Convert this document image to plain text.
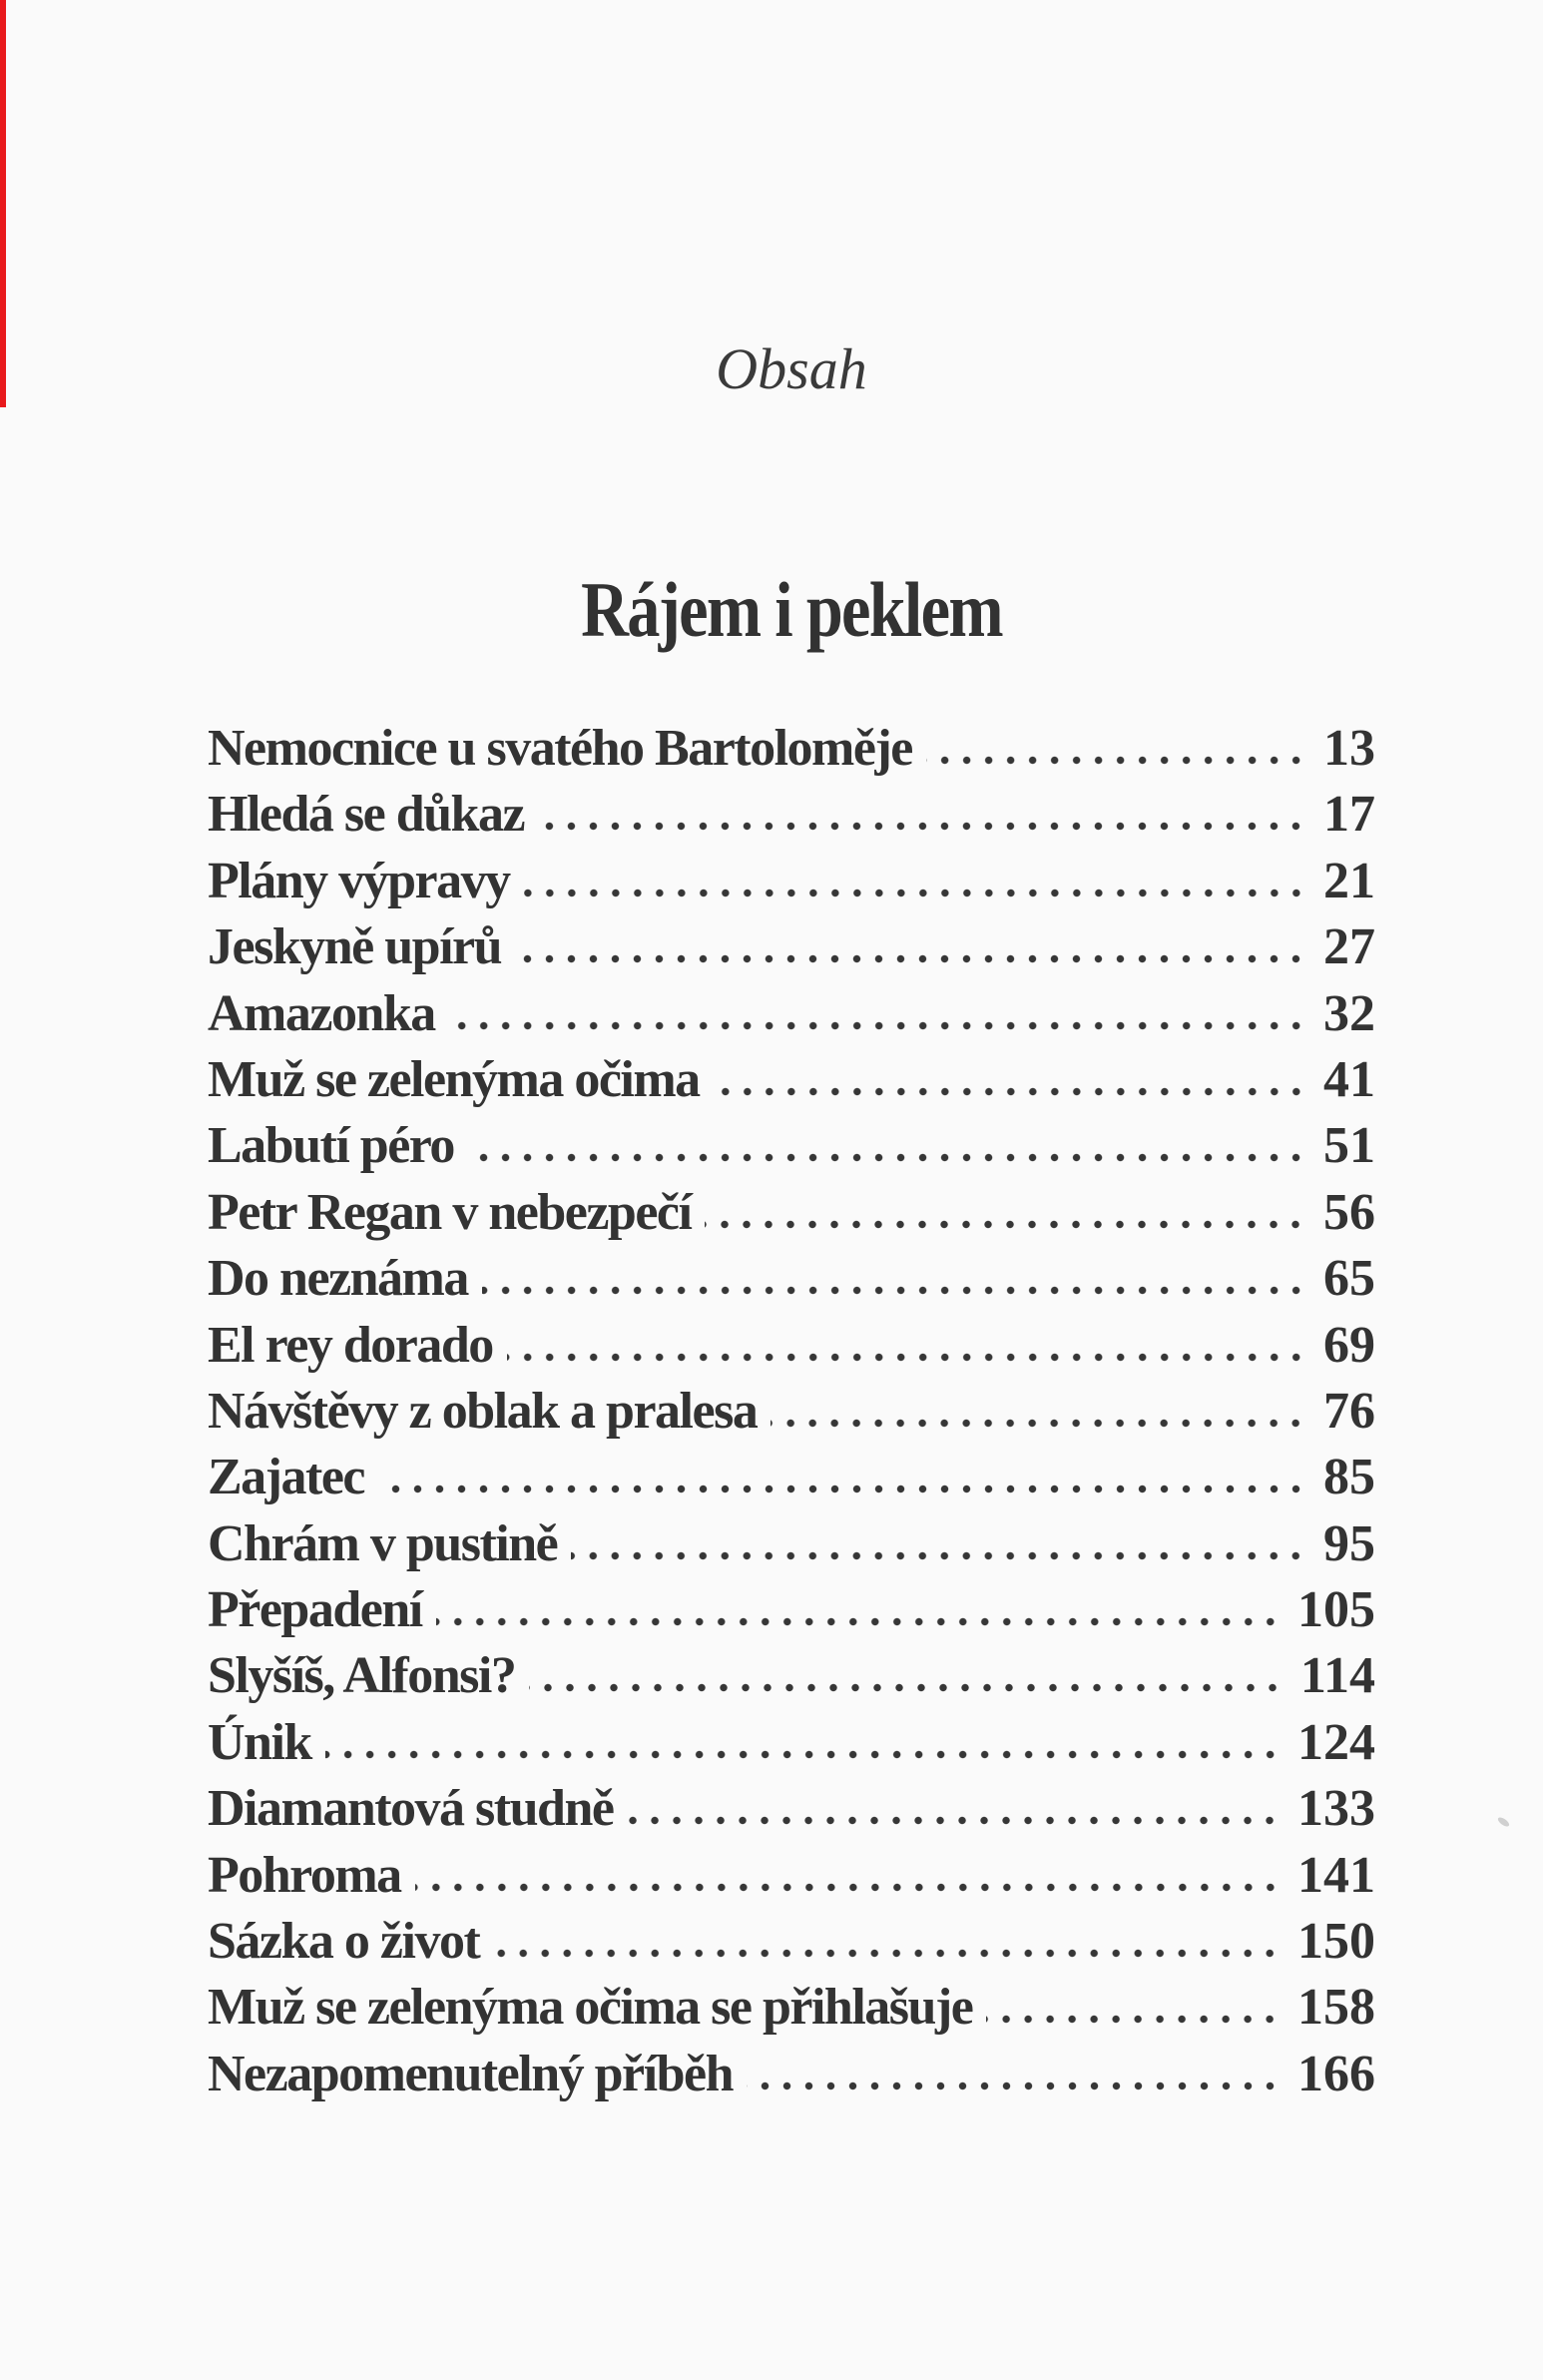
Obsah
Rájem i peklem
Nemocnice u svatého Bartoloměje	13
Hledá se důkaz	17
Plány výpravy	21
Jeskyně upírů	27
Amazonka	32
Muž se zelenýma očima	41
Labutí péro	51
Petr Regan v nebezpečí	56
Do neznáma	65
El rey dorado	69
Návštěvy z oblak a pralesa	76
Zajatec	85
Chrám v pustině	95
Přepadení	105
Slyšíš, Alfonsi?	114
Únik	124
Diamantová studně	133
Pohroma	141
Sázka o život	150
Muž se zelenýma očima se přihlašuje	158
Nezapomenutelný příběh	166
